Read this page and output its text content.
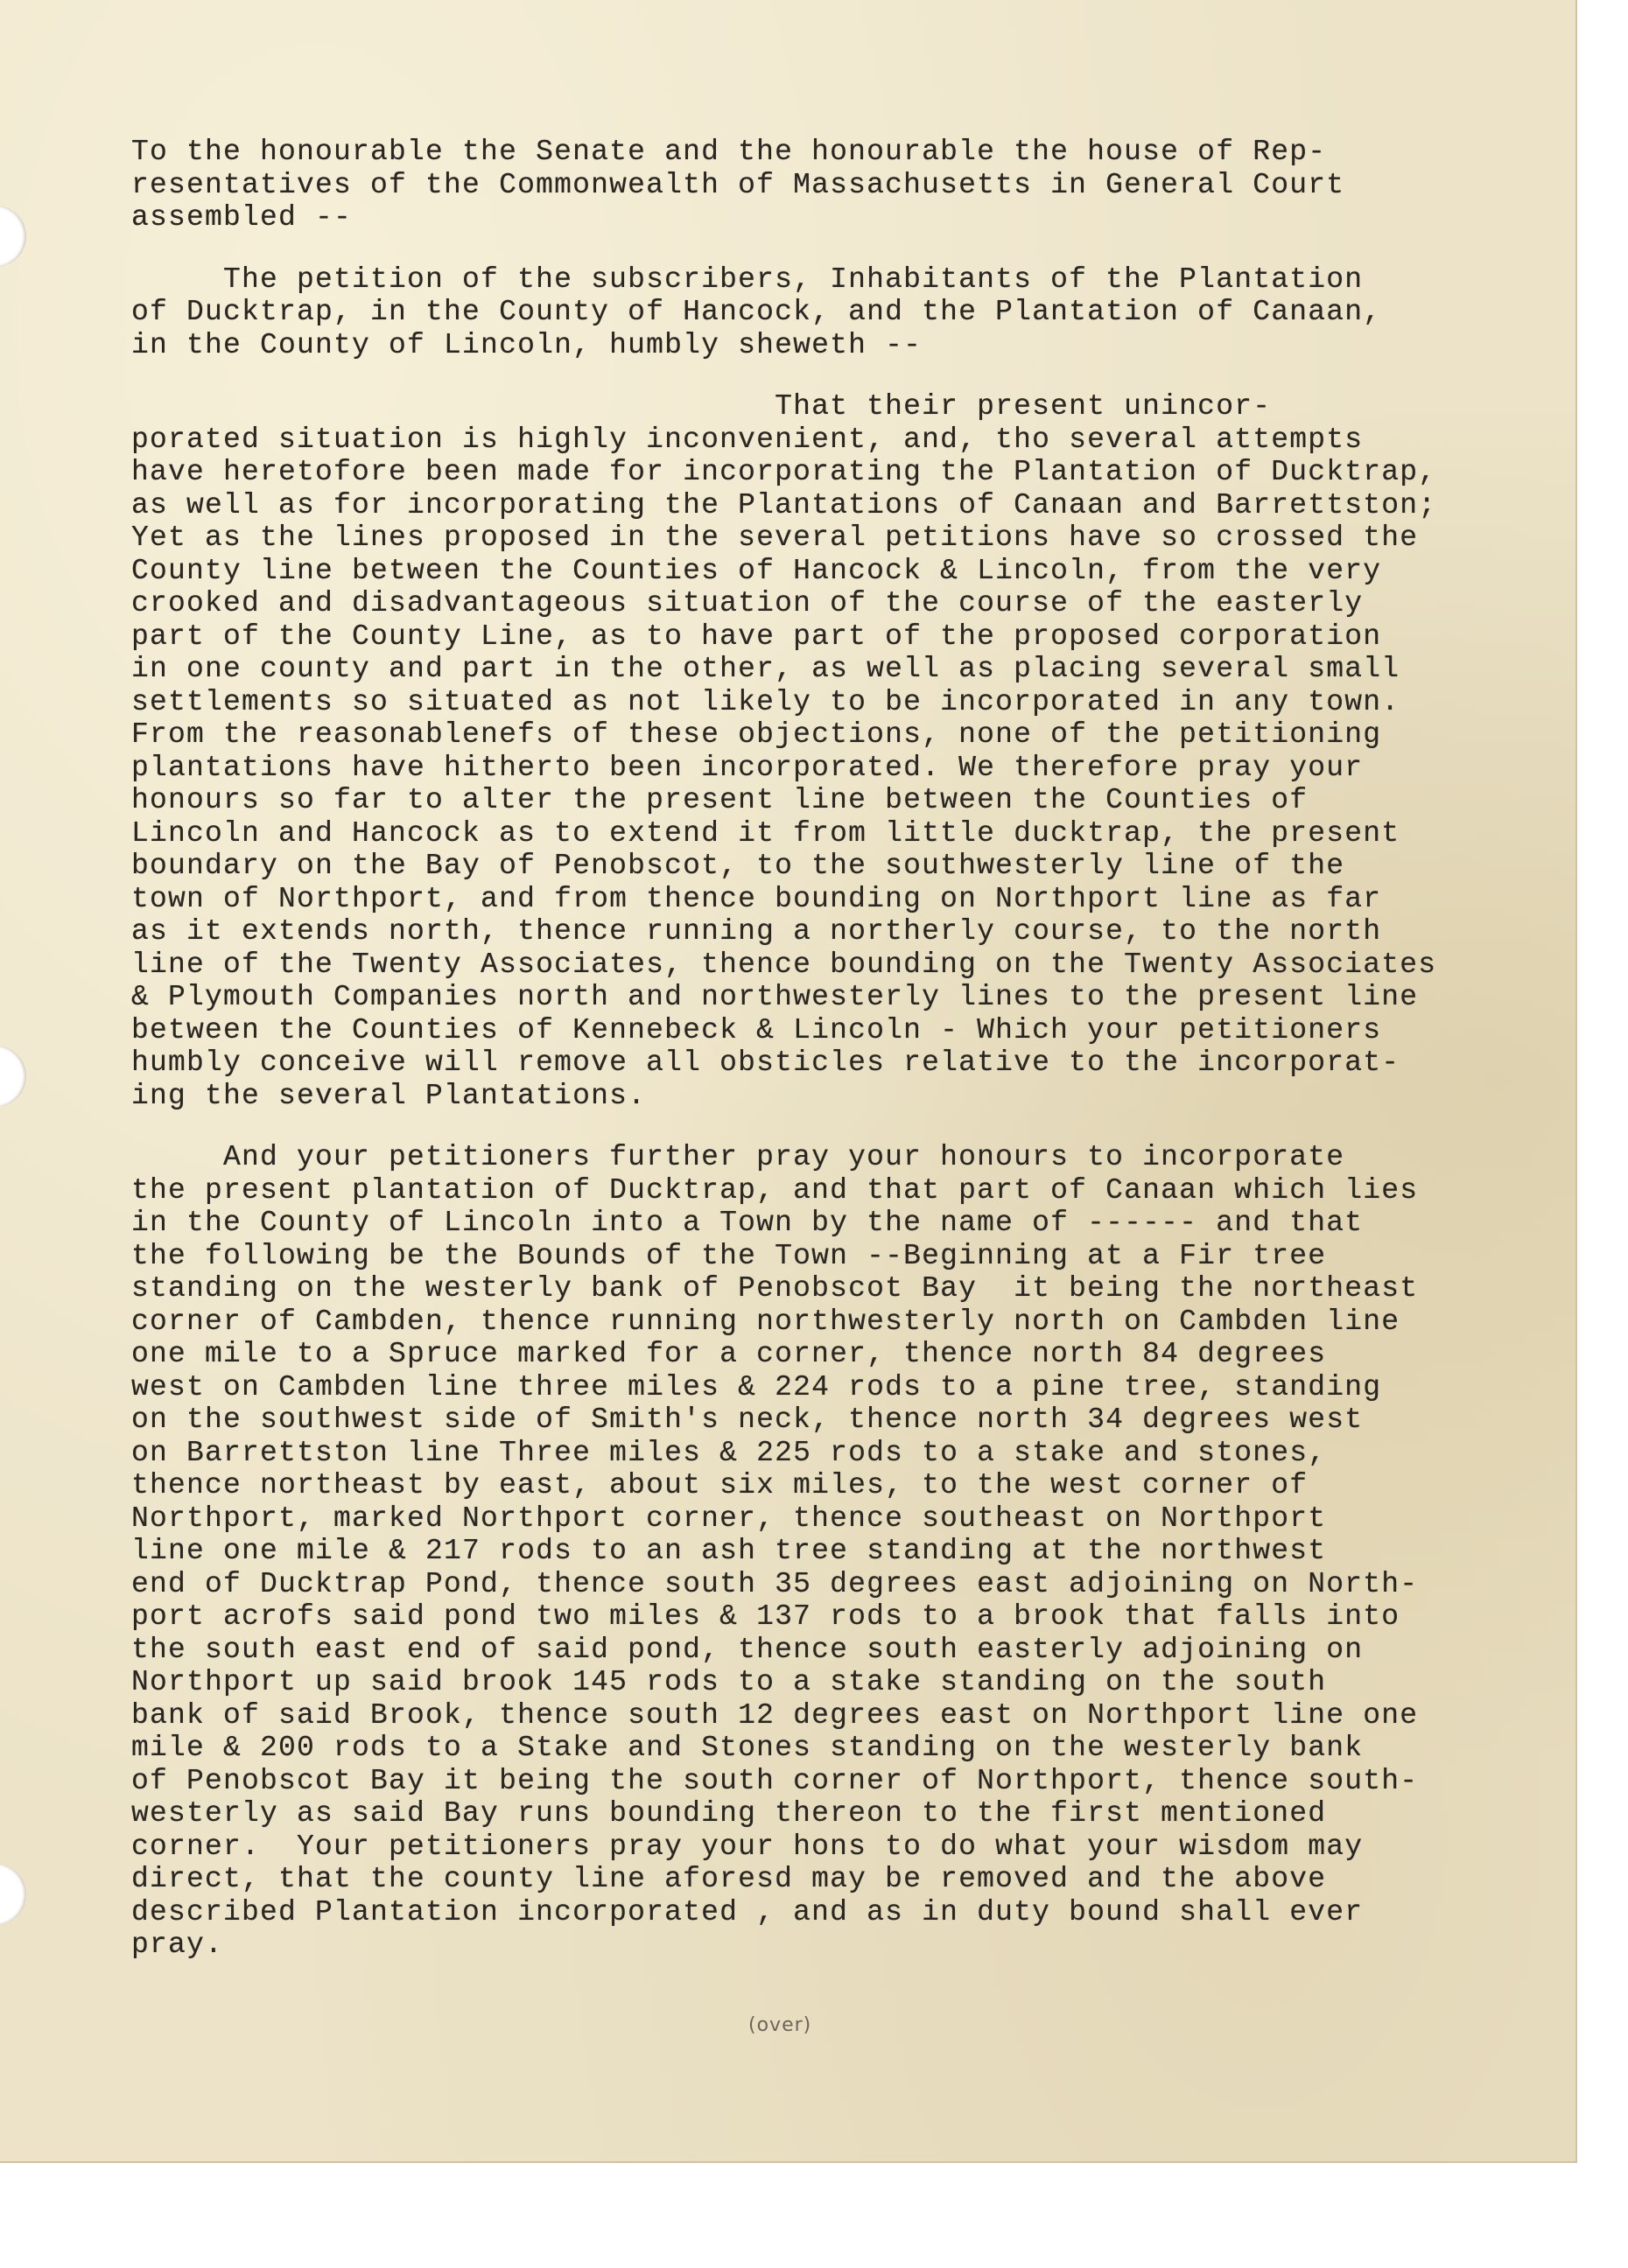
To the honourable the Senate and the honourable the house of Rep-
resentatives of the Commonwealth of Massachusetts in General Court
assembled --
The petition of the subscribers, Inhabitants of the Plantation
of Ducktrap, in the County of Hancock, and the Plantation of Canaan,
in the County of Lincoln, humbly sheweth --
That their present unincor-
porated situation is highly inconvenient, and, tho several attempts
have heretofore been made for incorporating the Plantation of Ducktrap,
as well as for incorporating the Plantations of Canaan and Barrettston;
Yet as the lines proposed in the several petitions have so crossed the
County line between the Counties of Hancock & Lincoln, from the very
crooked and disadvantageous situation of the course of the easterly
part of the County Line, as to have part of the proposed corporation
in one county and part in the other, as well as placing several small
settlements so situated as not likely to be incorporated in any town.
From the reasonablenefs of these objections, none of the petitioning
plantations have hitherto been incorporated. We therefore pray your
honours so far to alter the present line between the Counties of
Lincoln and Hancock as to extend it from little ducktrap, the present
boundary on the Bay of Penobscot, to the southwesterly line of the
town of Northport, and from thence bounding on Northport line as far
as it extends north, thence running a northerly course, to the north
line of the Twenty Associates, thence bounding on the Twenty Associates
& Plymouth Companies north and northwesterly lines to the present line
between the Counties of Kennebeck & Lincoln - Which your petitioners
humbly conceive will remove all obsticles relative to the incorporat-
ing the several Plantations.
And your petitioners further pray your honours to incorporate
the present plantation of Ducktrap, and that part of Canaan which lies
in the County of Lincoln into a Town by the name of ------ and that
the following be the Bounds of the Town --Beginning at a Fir tree
standing on the westerly bank of Penobscot Bay  it being the northeast
corner of Cambden, thence running northwesterly north on Cambden line
one mile to a Spruce marked for a corner, thence north 84 degrees
west on Cambden line three miles & 224 rods to a pine tree, standing
on the southwest side of Smith's neck, thence north 34 degrees west
on Barrettston line Three miles & 225 rods to a stake and stones,
thence northeast by east, about six miles, to the west corner of
Northport, marked Northport corner, thence southeast on Northport
line one mile & 217 rods to an ash tree standing at the northwest
end of Ducktrap Pond, thence south 35 degrees east adjoining on North-
port acrofs said pond two miles & 137 rods to a brook that falls into
the south east end of said pond, thence south easterly adjoining on
Northport up said brook 145 rods to a stake standing on the south
bank of said Brook, thence south 12 degrees east on Northport line one
mile & 200 rods to a Stake and Stones standing on the westerly bank
of Penobscot Bay it being the south corner of Northport, thence south-
westerly as said Bay runs bounding thereon to the first mentioned
corner.  Your petitioners pray your hons to do what your wisdom may
direct, that the county line aforesd may be removed and the above
described Plantation incorporated , and as in duty bound shall ever
pray.
(over)
